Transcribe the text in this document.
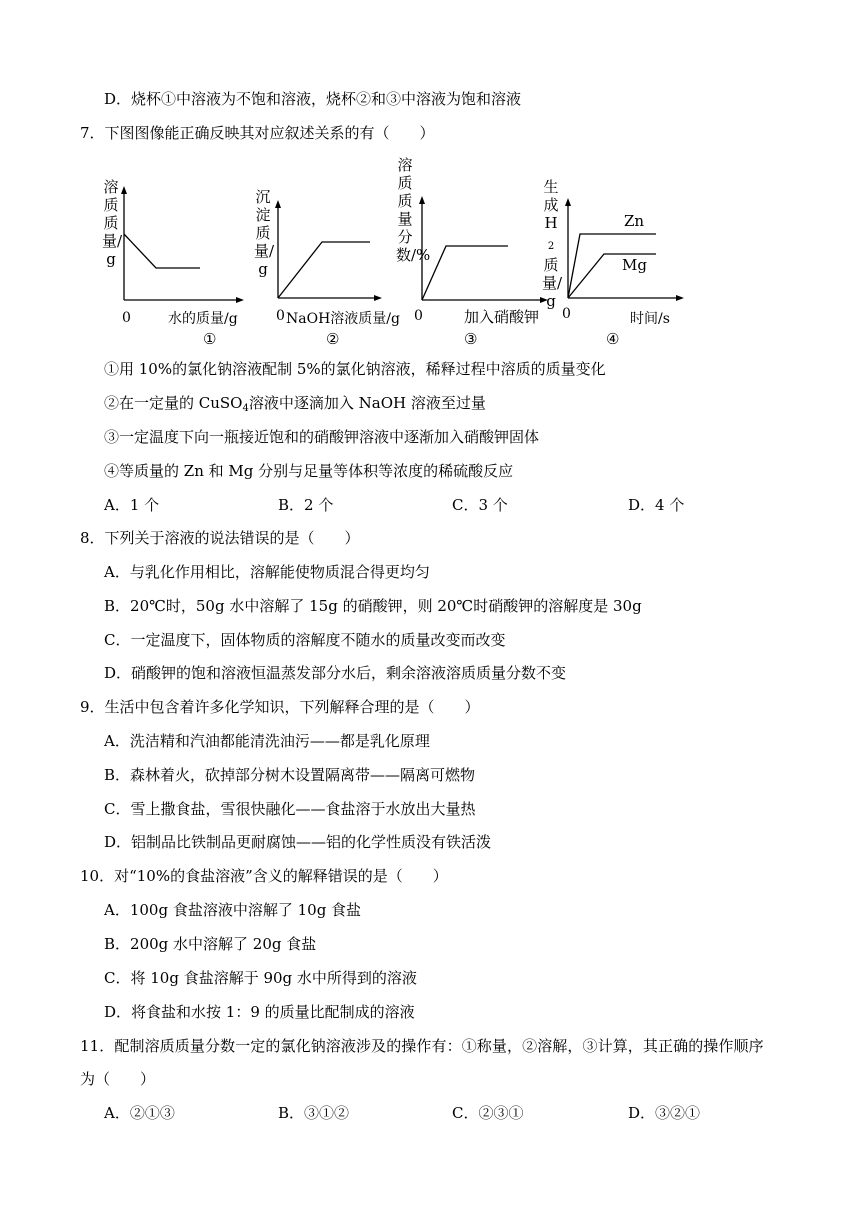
D．烧杯①中溶液为不饱和溶液，烧杯②和③中溶液为饱和溶液
7．下图图像能正确反映其对应叙述关系的有（　　）
溶质质量/g
0	水的质量/g
①
沉淀质量/g
0 NaOH溶液质量/g
②
溶质质量分数/%
0	加入硝酸钾
③
生成$H_2$质量/g
Zn
Mg
0	时间/s
④
①用 10%的氯化钠溶液配制 5%的氯化钠溶液，稀释过程中溶质的质量变化
②在一定量的 CuSO$_4$溶液中逐滴加入 NaOH 溶液至过量
③一定温度下向一瓶接近饱和的硝酸钾溶液中逐渐加入硝酸钾固体
④等质量的 Zn 和 Mg 分别与足量等体积等浓度的稀硫酸反应
A．1 个	B．2 个	C．3 个	D．4 个
8．下列关于溶液的说法错误的是（　　）
A．与乳化作用相比，溶解能使物质混合得更均匀
B．20℃时，50g 水中溶解了 15g 的硝酸钾，则 20℃时硝酸钾的溶解度是 30g
C．一定温度下，固体物质的溶解度不随水的质量改变而改变
D．硝酸钾的饱和溶液恒温蒸发部分水后，剩余溶液溶质质量分数不变
9．生活中包含着许多化学知识，下列解释合理的是（　　）
A．洗洁精和汽油都能清洗油污——都是乳化原理
B．森林着火，砍掉部分树木设置隔离带——隔离可燃物
C．雪上撒食盐，雪很快融化——食盐溶于水放出大量热
D．铝制品比铁制品更耐腐蚀——铝的化学性质没有铁活泼
10．对“10%的食盐溶液”含义的解释错误的是（　　）
A．100g 食盐溶液中溶解了 10g 食盐
B．200g 水中溶解了 20g 食盐
C．将 10g 食盐溶解于 90g 水中所得到的溶液
D．将食盐和水按 1：9 的质量比配制成的溶液
11．配制溶质质量分数一定的氯化钠溶液涉及的操作有：①称量，②溶解，③计算，其正确的操作顺序
为（　　）
A．②①③	B．③①②	C．②③①	D．③②①
